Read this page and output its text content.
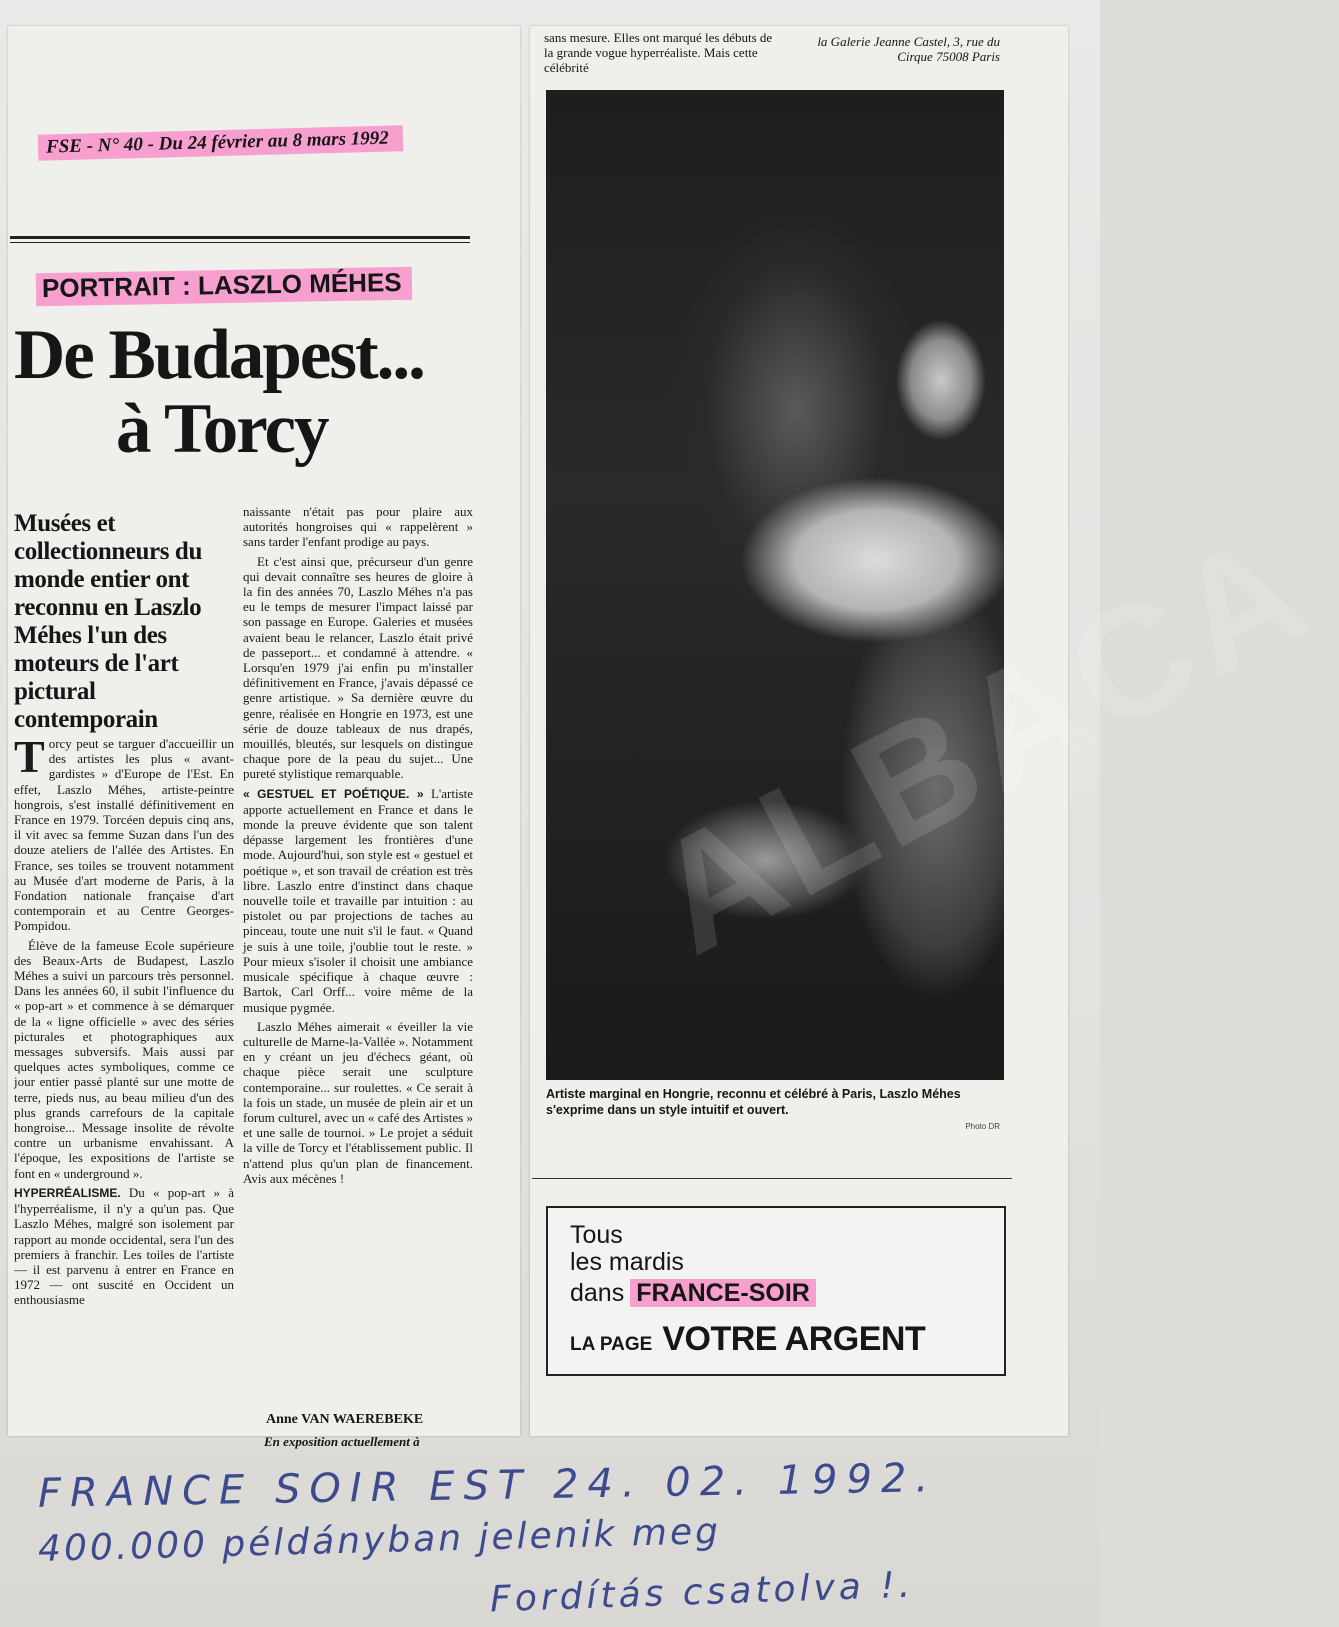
FSE - N° 40 - Du 24 février au 8 mars 1992
PORTRAIT : LASZLO MÉHES
De Budapest...
à Torcy
Musées et collectionneurs du monde entier ont reconnu en Laszlo Méhes l'un des moteurs de l'art pictural contemporain

Torcy peut se targuer d'accueillir un des artistes les plus « avant-gardistes » d'Europe de l'Est. En effet, Laszlo Méhes, artiste-peintre hongrois, s'est installé définitivement en France en 1979. Torcéen depuis cinq ans, il vit avec sa femme Suzan dans l'un des douze ateliers de l'allée des Artistes. En France, ses toiles se trouvent notamment au Musée d'art moderne de Paris, à la Fondation nationale française d'art contemporain et au Centre Georges-Pompidou.

Élève de la fameuse Ecole supérieure des Beaux-Arts de Budapest, Laszlo Méhes a suivi un parcours très personnel. Dans les années 60, il subit l'influence du « pop-art » et commence à se démarquer de la « ligne officielle » avec des séries picturales et photographiques aux messages subversifs. Mais aussi par quelques actes symboliques, comme ce jour entier passé planté sur une motte de terre, pieds nus, au beau milieu d'un des plus grands carrefours de la capitale hongroise... Message insolite de révolte contre un urbanisme envahissant. A l'époque, les expositions de l'artiste se font en « underground ».

HYPERRÉALISME. Du « pop-art » à l'hyperréalisme, il n'y a qu'un pas. Que Laszlo Méhes, malgré son isolement par rapport au monde occidental, sera l'un des premiers à franchir. Les toiles de l'artiste — il est parvenu à entrer en France en 1972 — ont suscité en Occident un enthousiasme

naissante n'était pas pour plaire aux autorités hongroises qui « rappelèrent » sans tarder l'enfant prodige au pays.

Et c'est ainsi que, précurseur d'un genre qui devait connaître ses heures de gloire à la fin des années 70, Laszlo Méhes n'a pas eu le temps de mesurer l'impact laissé par son passage en Europe. Galeries et musées avaient beau le relancer, Laszlo était privé de passeport... et condamné à attendre. « Lorsqu'en 1979 j'ai enfin pu m'installer définitivement en France, j'avais dépassé ce genre artistique. » Sa dernière œuvre du genre, réalisée en Hongrie en 1973, est une série de douze tableaux de nus drapés, mouillés, bleutés, sur lesquels on distingue chaque pore de la peau du sujet... Une pureté stylistique remarquable.

« GESTUEL ET POÉTIQUE. » L'artiste apporte actuellement en France et dans le monde la preuve évidente que son talent dépasse largement les frontières d'une mode. Aujourd'hui, son style est « gestuel et poétique », et son travail de création est très libre. Laszlo entre d'instinct dans chaque nouvelle toile et travaille par intuition : au pistolet ou par projections de taches au pinceau, toute une nuit s'il le faut. « Quand je suis à une toile, j'oublie tout le reste. » Pour mieux s'isoler il choisit une ambiance musicale spécifique à chaque œuvre : Bartok, Carl Orff... voire même de la musique pygmée.

Laszlo Méhes aimerait « éveiller la vie culturelle de Marne-la-Vallée ». Notamment en y créant un jeu d'échecs géant, où chaque pièce serait une sculpture contemporaine... sur roulettes. « Ce serait à la fois un stade, un musée de plein air et un forum culturel, avec un « café des Artistes » et une salle de tournoi. » Le projet a séduit la ville de Torcy et l'établissement public. Il n'attend plus qu'un plan de financement. Avis aux mécènes !

Anne VAN WAEREBEKE
En exposition actuellement à
sans mesure. Elles ont marqué les débuts de la grande vogue hyperréaliste. Mais cette célébrité
la Galerie Jeanne Castel, 3, rue du Cirque 75008 Paris
ALBACA
Artiste marginal en Hongrie, reconnu et célébré à Paris, Laszlo Méhes s'exprime dans un style intuitif et ouvert.
Photo DR
Tous
les mardis
dans FRANCE-SOIR
LA PAGE VOTRE ARGENT
FRANCE SOIR EST 24. 02. 1992.
400.000 példányban jelenik meg
Fordítás csatolva !.
